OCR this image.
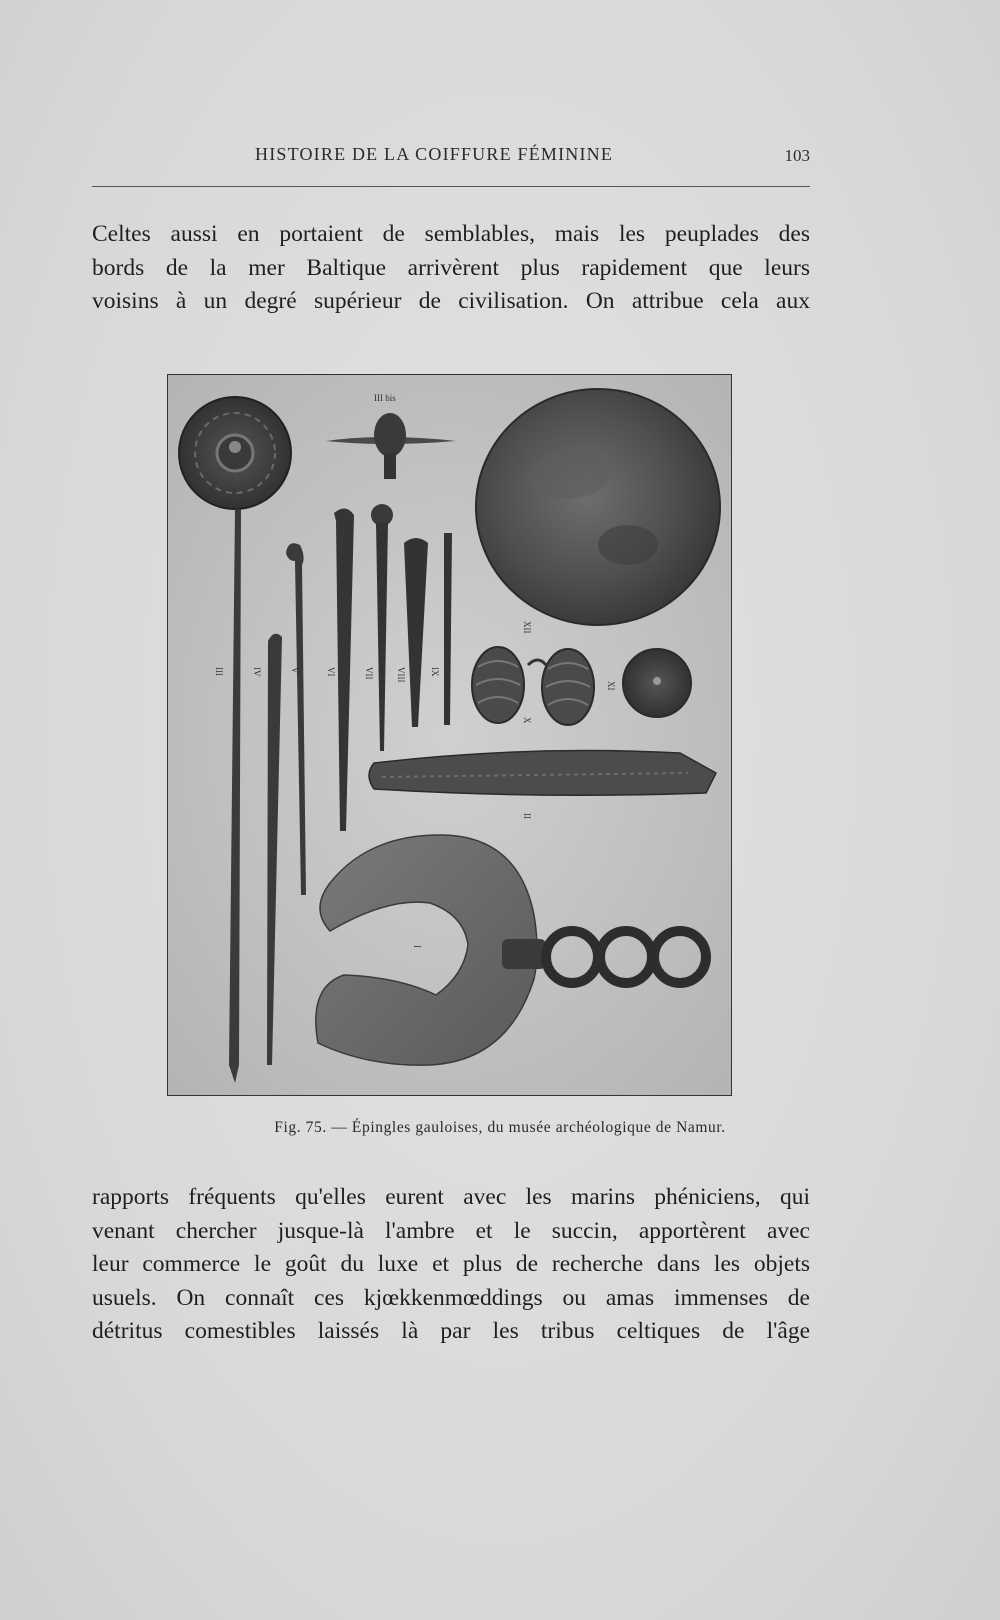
HISTOIRE DE LA COIFFURE FÉMININE	103
Celtes aussi en portaient de semblables, mais les peuplades des
bords de la mer Baltique arrivèrent plus rapidement que leurs
voisins à un degré supérieur de civilisation. On attribue cela aux
III bis
III	IV	V	VI	VII VIII	IX
XII
X
XI
II
I
Fig. 75. — Épingles gauloises, du musée archéologique de Namur.
rapports fréquents qu'elles eurent avec les marins phéniciens, qui
venant chercher jusque-là l'ambre et le succin, apportèrent avec
leur commerce le goût du luxe et plus de recherche dans les objets
usuels. On connaît ces kjœkkenmœddings ou amas immenses de
détritus comestibles laissés là par les tribus celtiques de l'âge
